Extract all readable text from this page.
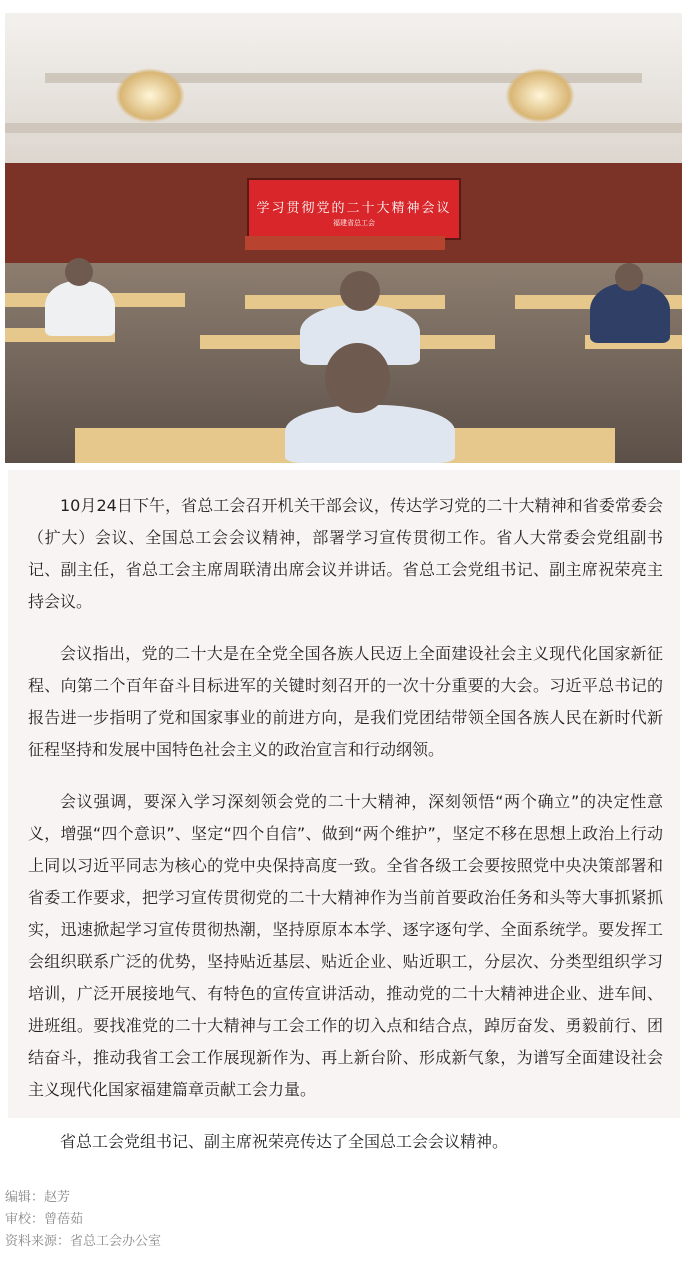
学习贯彻党的二十大精神会议
福建省总工会

10月24日下午，省总工会召开机关干部会议，传达学习党的二十大精神和省委常委会（扩大）会议、全国总工会会议精神，部署学习宣传贯彻工作。省人大常委会党组副书记、副主任，省总工会主席周联清出席会议并讲话。省总工会党组书记、副主席祝荣亮主持会议。

会议指出，党的二十大是在全党全国各族人民迈上全面建设社会主义现代化国家新征程、向第二个百年奋斗目标进军的关键时刻召开的一次十分重要的大会。习近平总书记的报告进一步指明了党和国家事业的前进方向，是我们党团结带领全国各族人民在新时代新征程坚持和发展中国特色社会主义的政治宣言和行动纲领。

会议强调，要深入学习深刻领会党的二十大精神，深刻领悟“两个确立”的决定性意义，增强“四个意识”、坚定“四个自信”、做到“两个维护”，坚定不移在思想上政治上行动上同以习近平同志为核心的党中央保持高度一致。全省各级工会要按照党中央决策部署和省委工作要求，把学习宣传贯彻党的二十大精神作为当前首要政治任务和头等大事抓紧抓实，迅速掀起学习宣传贯彻热潮，坚持原原本本学、逐字逐句学、全面系统学。要发挥工会组织联系广泛的优势，坚持贴近基层、贴近企业、贴近职工，分层次、分类型组织学习培训，广泛开展接地气、有特色的宣传宣讲活动，推动党的二十大精神进企业、进车间、进班组。要找准党的二十大精神与工会工作的切入点和结合点，踔厉奋发、勇毅前行、团结奋斗，推动我省工会工作展现新作为、再上新台阶、形成新气象，为谱写全面建设社会主义现代化国家福建篇章贡献工会力量。

省总工会党组书记、副主席祝荣亮传达了全国总工会会议精神。

编辑：赵芳
审校：曾蓓茹
资料来源：省总工会办公室
